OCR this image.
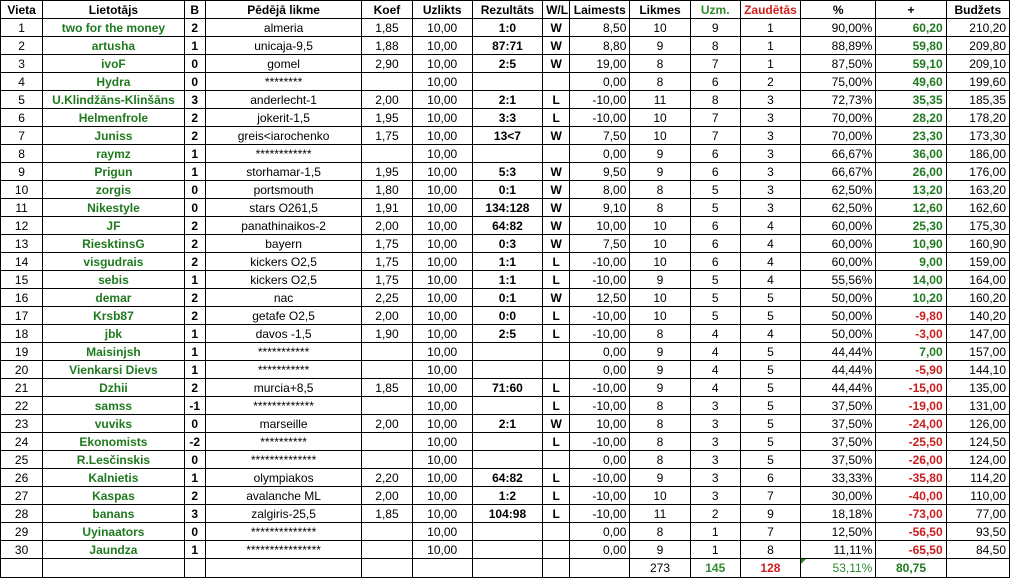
Vieta	Lietotājs	B	Pēdējā likme	Koef	Uzlikts	Rezultāts	W/L	Laimests	Likmes	Uzm.	Zaudētās	%	+	Budžets
1	two for the money	2	almeria	1,85	10,00	1:0	W	8,50	10	9	1	90,00%	60,20	210,20
2	artusha	1	unicaja-9,5	1,88	10,00	87:71	W	8,80	9	8	1	88,89%	59,80	209,80
3	ivoF	0	gomel	2,90	10,00	2:5	W	19,00	8	7	1	87,50%	59,10	209,10
4	Hydra	0	********		10,00			0,00	8	6	2	75,00%	49,60	199,60
5	U.Klindžāns-Klinšāns	3	anderlecht-1	2,00	10,00	2:1	L	-10,00	11	8	3	72,73%	35,35	185,35
6	Helmenfrole	2	jokerit-1,5	1,95	10,00	3:3	L	-10,00	10	7	3	70,00%	28,20	178,20
7	Juniss	2	greis<iarochenko	1,75	10,00	13<7	W	7,50	10	7	3	70,00%	23,30	173,30
8	raymz	1	************		10,00			0,00	9	6	3	66,67%	36,00	186,00
9	Prigun	1	storhamar-1,5	1,95	10,00	5:3	W	9,50	9	6	3	66,67%	26,00	176,00
10	zorgis	0	portsmouth	1,80	10,00	0:1	W	8,00	8	5	3	62,50%	13,20	163,20
11	Nikestyle	0	stars O261,5	1,91	10,00	134:128	W	9,10	8	5	3	62,50%	12,60	162,60
12	JF	2	panathinaikos-2	2,00	10,00	64:82	W	10,00	10	6	4	60,00%	25,30	175,30
13	RiesktinsG	2	bayern	1,75	10,00	0:3	W	7,50	10	6	4	60,00%	10,90	160,90
14	visgudrais	2	kickers O2,5	1,75	10,00	1:1	L	-10,00	10	6	4	60,00%	9,00	159,00
15	sebis	1	kickers O2,5	1,75	10,00	1:1	L	-10,00	9	5	4	55,56%	14,00	164,00
16	demar	2	nac	2,25	10,00	0:1	W	12,50	10	5	5	50,00%	10,20	160,20
17	Krsb87	2	getafe O2,5	2,00	10,00	0:0	L	-10,00	10	5	5	50,00%	-9,80	140,20
18	jbk	1	davos -1,5	1,90	10,00	2:5	L	-10,00	8	4	4	50,00%	-3,00	147,00
19	Maisinjsh	1	***********		10,00			0,00	9	4	5	44,44%	7,00	157,00
20	Vienkarsi Dievs	1	***********		10,00			0,00	9	4	5	44,44%	-5,90	144,10
21	Dzhii	2	murcia+8,5	1,85	10,00	71:60	L	-10,00	9	4	5	44,44%	-15,00	135,00
22	samss	-1	*************		10,00		L	-10,00	8	3	5	37,50%	-19,00	131,00
23	vuviks	0	marseille	2,00	10,00	2:1	W	10,00	8	3	5	37,50%	-24,00	126,00
24	Ekonomists	-2	**********		10,00		L	-10,00	8	3	5	37,50%	-25,50	124,50
25	R.Lesčinskis	0	**************		10,00			0,00	8	3	5	37,50%	-26,00	124,00
26	Kalnietis	1	olympiakos	2,20	10,00	64:82	L	-10,00	9	3	6	33,33%	-35,80	114,20
27	Kaspas	2	avalanche ML	2,00	10,00	1:2	L	-10,00	10	3	7	30,00%	-40,00	110,00
28	banans	3	zalgiris-25,5	1,85	10,00	104:98	L	-10,00	11	2	9	18,18%	-73,00	77,00
29	Uyinaators	0	**************		10,00			0,00	8	1	7	12,50%	-56,50	93,50
30	Jaundza	1	****************		10,00			0,00	9	1	8	11,11%	-65,50	84,50
									273	145	128	53,11%	80,75	
